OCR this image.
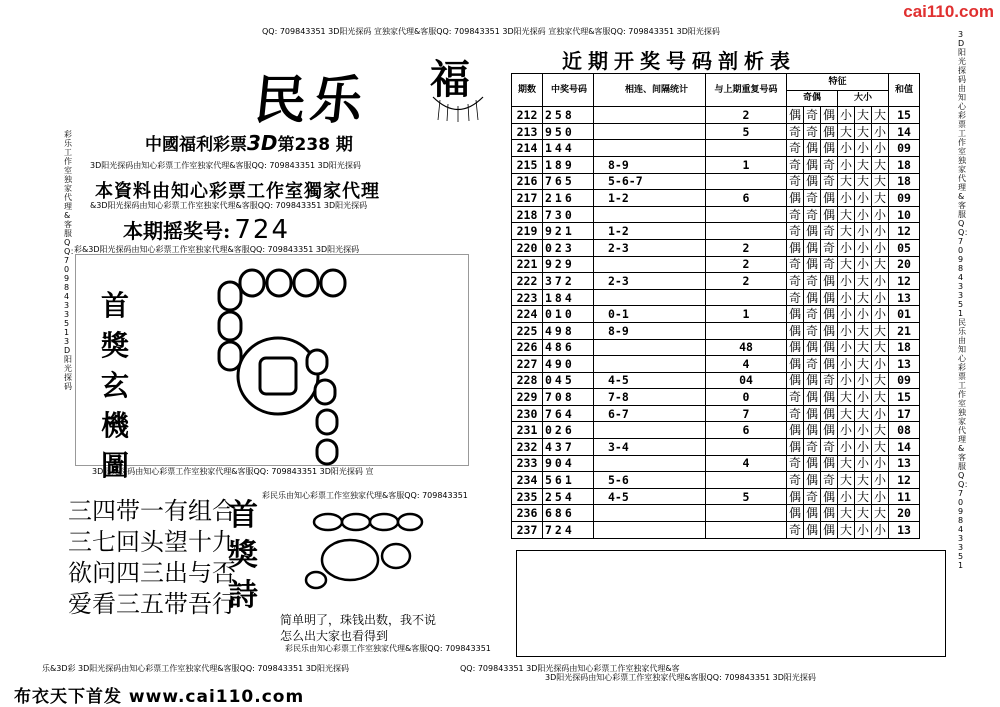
cai110.com
QQ: 709843351 3D阳光探码 宣独家代理&客服QQ: 709843351 3D阳光探码 宣独家代理&客服QQ: 709843351 3D阳光探码
彩乐工作室独家代理&客服QQ：709843351 3D阳光探码
3D阳光探码由知心彩票工作室独家代理&客服QQ：709843351 民乐由知心彩票工作室独家代理&客服QQ：709843351
民乐 福
中國福利彩票3D第238 期
3D阳光探码由知心彩票工作室独家代理&客服QQ: 709843351 3D阳光探码
本資料由知心彩票工作室獨家代理
&3D阳光探码由知心彩票工作室独家代理&客服QQ: 709843351 3D阳光探码
本期摇奖号: 724
彩&3D阳光探码由知心彩票工作室独家代理&客服QQ: 709843351 3D阳光探码
首
獎
玄
機
圖
3D阳光探码由知心彩票工作室独家代理&客服QQ: 709843351 3D阳光探码 宣
三四带一有组合
三七回头望十九
欲问四三出与否
爱看三五带吾行
首
獎
詩
彩民乐由知心彩票工作室独家代理&客服QQ: 709843351
简单明了，珠钱出数，我不说
怎么出大家也看得到
乐&3D彩 3D阳光探码由知心彩票工作室独家代理&客服QQ: 709843351 3D阳光探码
彩民乐由知心彩票工作室独家代理&客服QQ: 709843351
QQ: 709843351 3D阳光探码由知心彩票工作室独家代理&客
布衣天下首发 www.cai110.com
近期开奖号码剖析表
期数	中奖号码	相连、间隔统计	与上期重复号码	特征						和值
				奇偶			大小			
212	258		2	偶	奇	偶	小	大	大	15
213	950		5	奇	奇	偶	大	大	小	14
214	144			奇	偶	偶	小	小	小	09
215	189	8-9	1	奇	偶	奇	小	大	大	18
216	765	5-6-7		奇	偶	奇	大	大	大	18
217	216	1-2	6	偶	奇	偶	小	小	大	09
218	730			奇	奇	偶	大	小	小	10
219	921	1-2		奇	偶	奇	大	小	小	12
220	023	2-3	2	偶	偶	奇	小	小	小	05
221	929		2	奇	偶	奇	大	小	大	20
222	372	2-3	2	奇	奇	偶	小	大	小	12
223	184			奇	偶	偶	小	大	小	13
224	010	0-1	1	偶	奇	偶	小	小	小	01
225	498	8-9		偶	奇	偶	小	大	大	21
226	486		48	偶	偶	偶	小	大	大	18
227	490		4	偶	奇	偶	小	大	小	13
228	045	4-5	04	偶	偶	奇	小	小	大	09
229	708	7-8	0	奇	偶	偶	大	小	大	15
230	764	6-7	7	奇	偶	偶	大	大	小	17
231	026		6	偶	偶	偶	小	小	大	08
232	437	3-4		偶	奇	奇	小	小	大	14
233	904		4	奇	偶	偶	大	小	小	13
234	561	5-6		奇	偶	奇	大	大	小	12
235	254	4-5	5	偶	奇	偶	小	大	小	11
236	686			偶	偶	偶	大	大	大	20
237	724			奇	偶	偶	大	小	小	13
3D阳光探码由知心彩票工作室独家代理&客服QQ: 709843351 3D阳光探码
